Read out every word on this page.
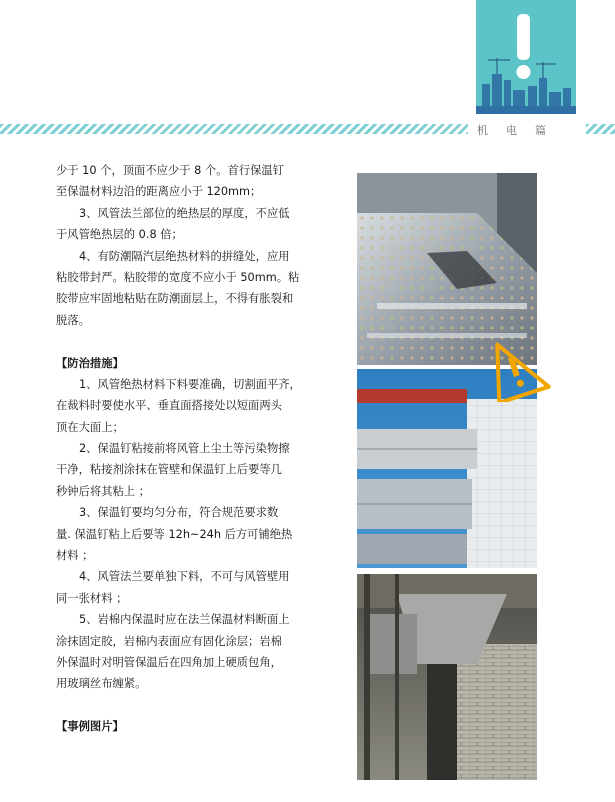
机电篇
少于 10 个，顶面不应少于 8 个。首行保温钉
至保温材料边沿的距离应小于 120mm；
3、风管法兰部位的绝热层的厚度，不应低
于风管绝热层的 0.8 倍；
4、有防潮隔汽层绝热材料的拼缝处，应用
粘胶带封严。粘胶带的宽度不应小于 50mm。粘
胶带应牢固地粘贴在防潮面层上，不得有胀裂和
脱落。
【防治措施】
1、风管绝热材料下料要准确，切割面平齐，
在裁料时要使水平、垂直面搭接处以短面两头
顶在大面上；
2、保温钉粘接前将风管上尘土等污染物擦
干净，粘接剂涂抹在管壁和保温钉上后要等几
秒钟后将其粘上 ；
3、保温钉要均匀分布，符合规范要求数
量. 保温钉粘上后要等 12h~24h 后方可铺绝热
材料 ；
4、风管法兰要单独下料，不可与风管壁用
同一张材料 ；
5、岩棉内保温时应在法兰保温材料断面上
涂抹固定胶，岩棉内表面应有固化涂层；岩棉
外保温时对明管保温后在四角加上硬质包角，
用玻璃丝布缠紧。
【事例图片】
